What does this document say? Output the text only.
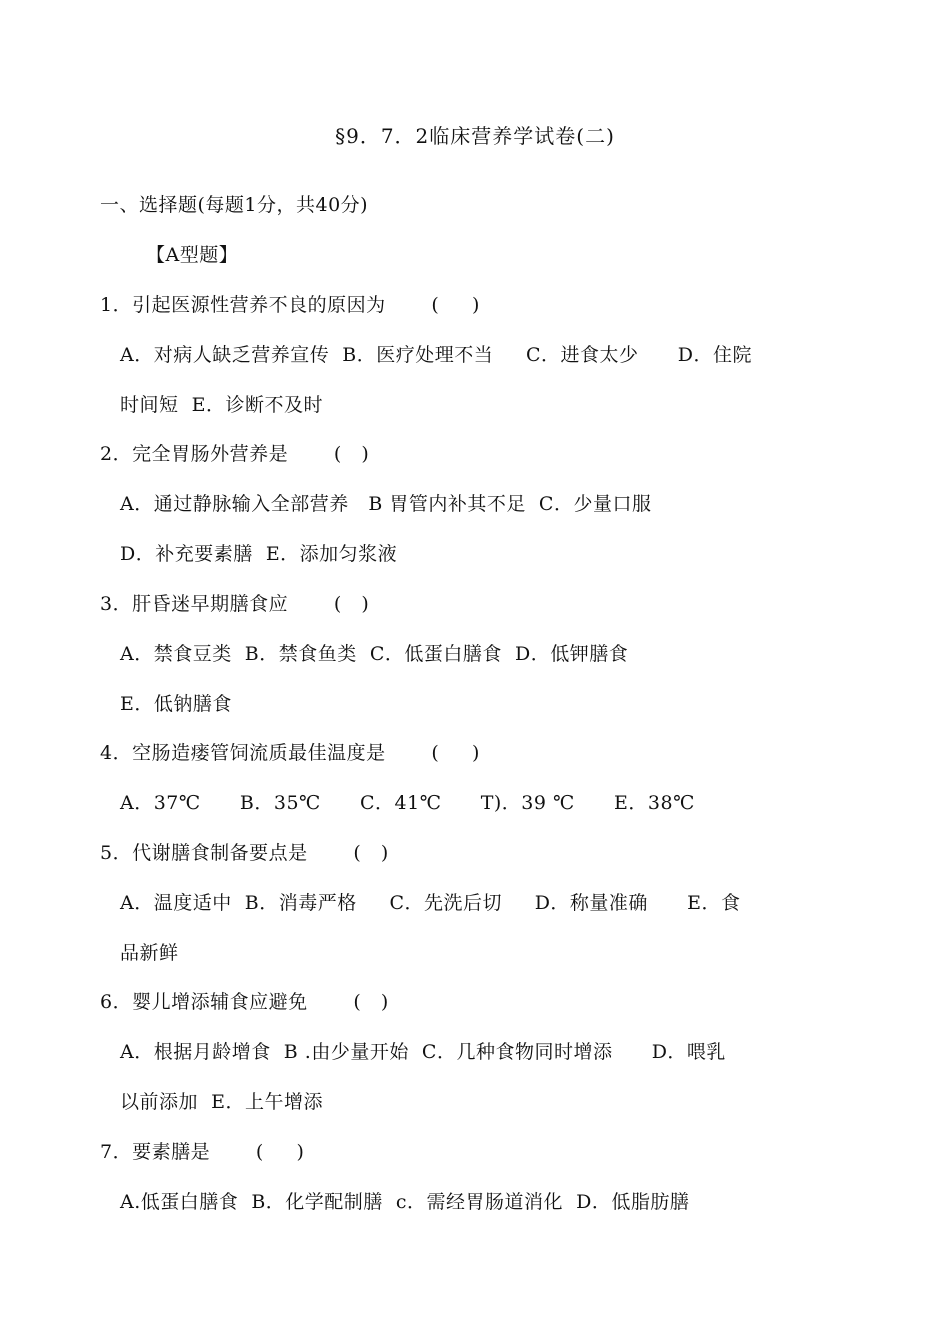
§9．7．2临床营养学试卷(二)
一、选择题(每题1分，共40分)
【A型题】
1．引起医源性营养不良的原因为       (     )
A．对病人缺乏营养宣传  B．医疗处理不当     C．进食太少      D．住院
时间短  E．诊断不及时
2．完全胃肠外营养是       (   )
A．通过静脉输入全部营养   B 胃管内补其不足  C．少量口服
D．补充要素膳  E．添加匀浆液
3．肝昏迷早期膳食应       (   )
A．禁食豆类  B．禁食鱼类  C．低蛋白膳食  D．低钾膳食
E．低钠膳食
4．空肠造瘘管饲流质最佳温度是       (     )
A．37℃      B．35℃      C．41℃      T)．39 ℃      E．38℃
5．代谢膳食制备要点是       (   )
A．温度适中  B．消毒严格     C．先洗后切     D．称量准确      E．食
品新鲜
6．婴儿增添辅食应避免       (   )
A．根据月龄增食  B .由少量开始  C．几种食物同时增添      D．喂乳
以前添加  E．上午增添
7．要素膳是       (     )
A.低蛋白膳食  B．化学配制膳  c．需经胃肠道消化  D．低脂肪膳
